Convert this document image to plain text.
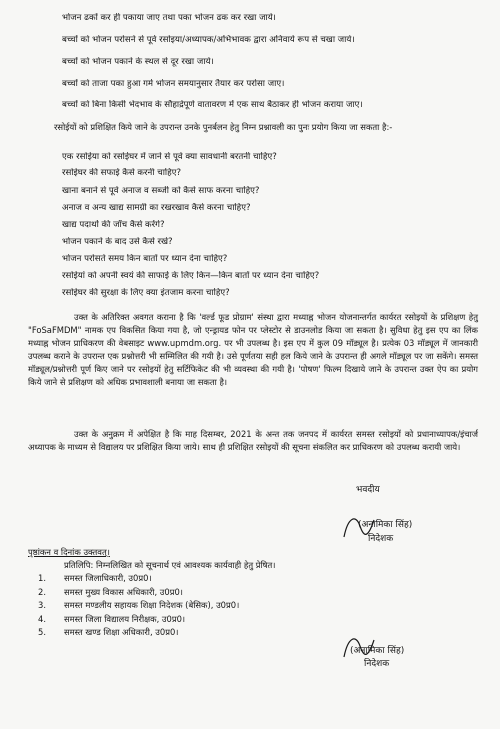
• भोजन ढकों कर ही पकाया जाए तथा पका भोजन ढक कर रखा जाये।
• बच्चों को भोजन परोसने से पूर्व रसोइया/अध्यापक/अभिभावक द्वारा अनिवार्य रूप से चखा जाये।
• बच्चों को भोजन पकाने के स्थल से दूर रखा जाये।
• बच्चों को ताजा पका हुआ गर्म भोजन समयानुसार तैयार कर परोसा जाए।
• बच्चों को बिना किसी भेदभाव के सौहार्द्रपूर्ण वातावरण में एक साथ बैठाकर ही भोजन कराया जाए।
रसोईयों को प्रशिक्षित किये जाने के उपरान्त उनके पुनर्बलन हेतु निम्न प्रश्नावली का पुनः प्रयोग किया जा सकता है:-
❖ एक रसोईया को रसोईघर में जाने से पूर्व क्या सावधानी बरतनी चाहिए?
❖ रसोईघर की सफाई कैसे करनी चाहिए?
❖ खाना बनाने से पूर्व अनाज व सब्जी को कैसे साफ करना चाहिए?
❖ अनाज व अन्य खाद्य सामग्री का रखरखाव कैसे करना चाहिए?
❖ खाद्य पदार्थो की जॉच कैसे करेंगे?
❖ भोजन पकाने के बाद उसे कैसे रखे?
❖ भोजन परोसते समय किन बातों पर ध्यान देना चाहिए?
❖ रसोईयां को अपनी स्वयं की साफाई के लिए किन—किन बातों पर ध्यान देना चाहिए?
❖ रसोईघर की सुरक्षा के लिए क्या इंतजाम करना चाहिए?
उक्त के अतिरिक्त अवगत कराना है कि 'वर्ल्ड फूड प्रोग्राम' संस्था द्वारा मध्याह्न भोजन योजनान्तर्गत कार्यरत रसोइयों के प्रशिक्षण हेतु "FoSaFMDM" नामक एप विकसित किया गया है, जो एन्ड्रायड फोन पर प्लेस्टोर से डाउनलोड किया जा सकता है। सुविधा हेतु इस एप का लिंक मध्याह्न भोजन प्राधिकरण की वेबसाइट www.upmdm.org. पर भी उपलब्ध है। इस एप में कुल 09 मॉड्यूल है। प्रत्येक 03 मॉड्यूल में जानकारी उपलब्ध कराने के उपरान्त एक प्रश्नोत्तरी भी सम्मिलित की गयी है। उसे पूर्णतया सही हल किये जाने के उपरान्त ही अगले मॉड्यूल पर जा सकेंगे। समस्त मॉड्यूल/प्रश्नोत्तरी पूर्ण किए जाने पर रसोइयों हेतु सर्टिफिकेट की भी व्यवस्था की गयी है। 'पोषण' फिल्म दिखाये जाने के उपरान्त उक्त ऐप का प्रयोग किये जाने से प्रशिक्षण को अधिक प्रभावशाली बनाया जा सकता है।
उक्त के अनुक्रम में अपेक्षित है कि माह दिसम्बर, 2021 के अन्त तक जनपद में कार्यरत समस्त रसोइयों को प्रधानाध्यापक/इंचार्ज अध्यापक के माध्यम से विद्यालय पर प्रशिक्षित किया जाये। साथ ही प्रशिक्षित रसोइयों की सूचना संकलित कर प्राधिकरण को उपलब्ध करायी जाये।
भवदीय
(अनामिका सिंह)
निदेशक
पृष्ठांकन व दिनांक उक्तवत्।
प्रतिलिपि: निम्नलिखित को सूचनार्थ एवं आवश्यक कार्यवाही हेतु प्रेषित।
1. समस्त जिलाधिकारी, उ0प्र0।
2. समस्त मुख्य विकास अधिकारी, उ0प्र0।
3. समस्त मण्डलीय सहायक शिक्षा निदेशक (बेसिक), उ0प्र0।
4. समस्त जिला विद्यालय निरीक्षक, उ0प्र0।
5. समस्त खण्ड शिक्षा अधिकारी, उ0प्र0।
(अनामिका सिंह)
निदेशक
